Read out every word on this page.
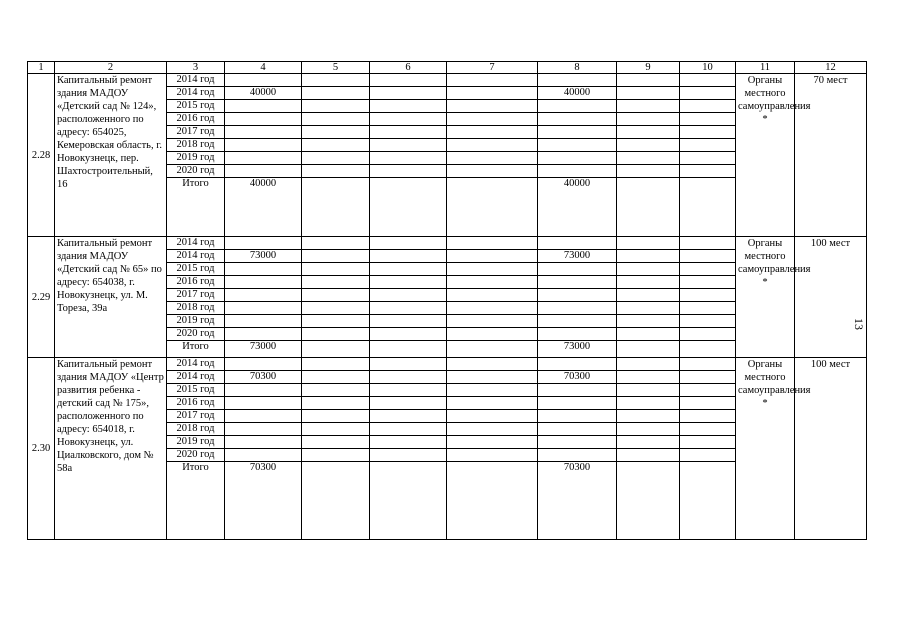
1	2	3	4	5	6	7	8	9	10	11	12
2.28	Капитальный ремонт здания МАДОУ «Детский сад № 124», расположенного по адресу: 654025, Кемеровская область, г. Новокузнецк, пер. Шахтостроительный, 16	2014 год								Органы местного самоуправления *	70 мест
		2014 год	40000				40000				
		2015 год									
		2016 год									
		2017 год									
		2018 год									
		2019 год									
		2020 год									
		Итого	40000				40000				
2.29	Капитальный ремонт здания МАДОУ «Детский сад № 65» по адресу: 654038, г. Новокузнецк, ул. М. Тореза, 39а	2014 год								Органы местного самоуправления *	100 мест
		2014 год	73000				73000				
		2015 год									
		2016 год									
		2017 год									
		2018 год									
		2019 год									
		2020 год									
		Итого	73000				73000				
2.30	Капитальный ремонт здания МАДОУ «Центр развития ребенка - детский сад № 175», расположенного по адресу: 654018, г. Новокузнецк, ул. Циалковского, дом № 58а	2014 год								Органы местного самоуправления *	100 мест
		2014 год	70300				70300				
		2015 год									
		2016 год									
		2017 год									
		2018 год									
		2019 год									
		2020 год									
		Итого	70300				70300				
13
